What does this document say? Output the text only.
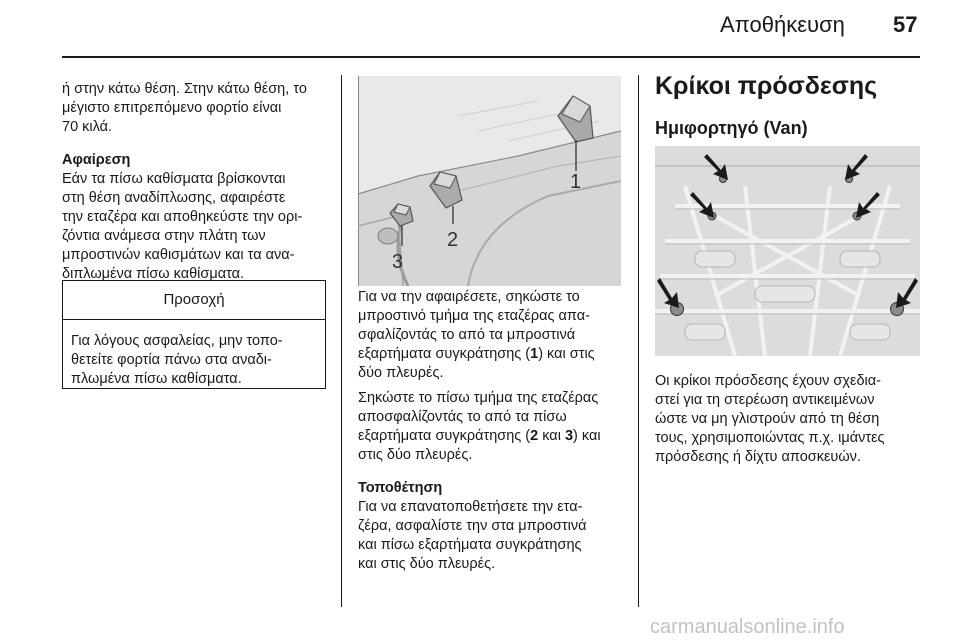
Αποθήκευση 57

ή στην κάτω θέση. Στην κάτω θέση, το
μέγιστο επιτρεπόμενο φορτίο είναι
70 κιλά.

Αφαίρεση

Εάν τα πίσω καθίσματα βρίσκονται
στη θέση αναδίπλωσης, αφαιρέστε
την εταζέρα και αποθηκεύστε την ορι-
ζόντια ανάμεσα στην πλάτη των
μπροστινών καθισμάτων και τα ανα-
διπλωμένα πίσω καθίσματα.

Προσοχή
Για λόγους ασφαλείας, μην τοπο-
θετείτε φορτία πάνω στα αναδι-
πλωμένα πίσω καθίσματα.
1
2
3

Για να την αφαιρέσετε, σηκώστε το
μπροστινό τμήμα της εταζέρας απα-
σφαλίζοντάς το από τα μπροστινά
εξαρτήματα συγκράτησης (1) και στις
δύο πλευρές.

Σηκώστε το πίσω τμήμα της εταζέρας
αποσφαλίζοντάς το από τα πίσω
εξαρτήματα συγκράτησης (2 και 3) και
στις δύο πλευρές.

Τοποθέτηση

Για να επανατοποθετήσετε την ετα-
ζέρα, ασφαλίστε την στα μπροστινά
και πίσω εξαρτήματα συγκράτησης
και στις δύο πλευρές.

Κρίκοι πρόσδεσης
Ημιφορτηγό (Van)
Οι κρίκοι πρόσδεσης έχουν σχεδια-
στεί για τη στερέωση αντικειμένων
ώστε να μη γλιστρούν από τη θέση
τους, χρησιμοποιώντας π.χ. ιμάντες
πρόσδεσης ή δίχτυ αποσκευών.
carmanualsonline.info
